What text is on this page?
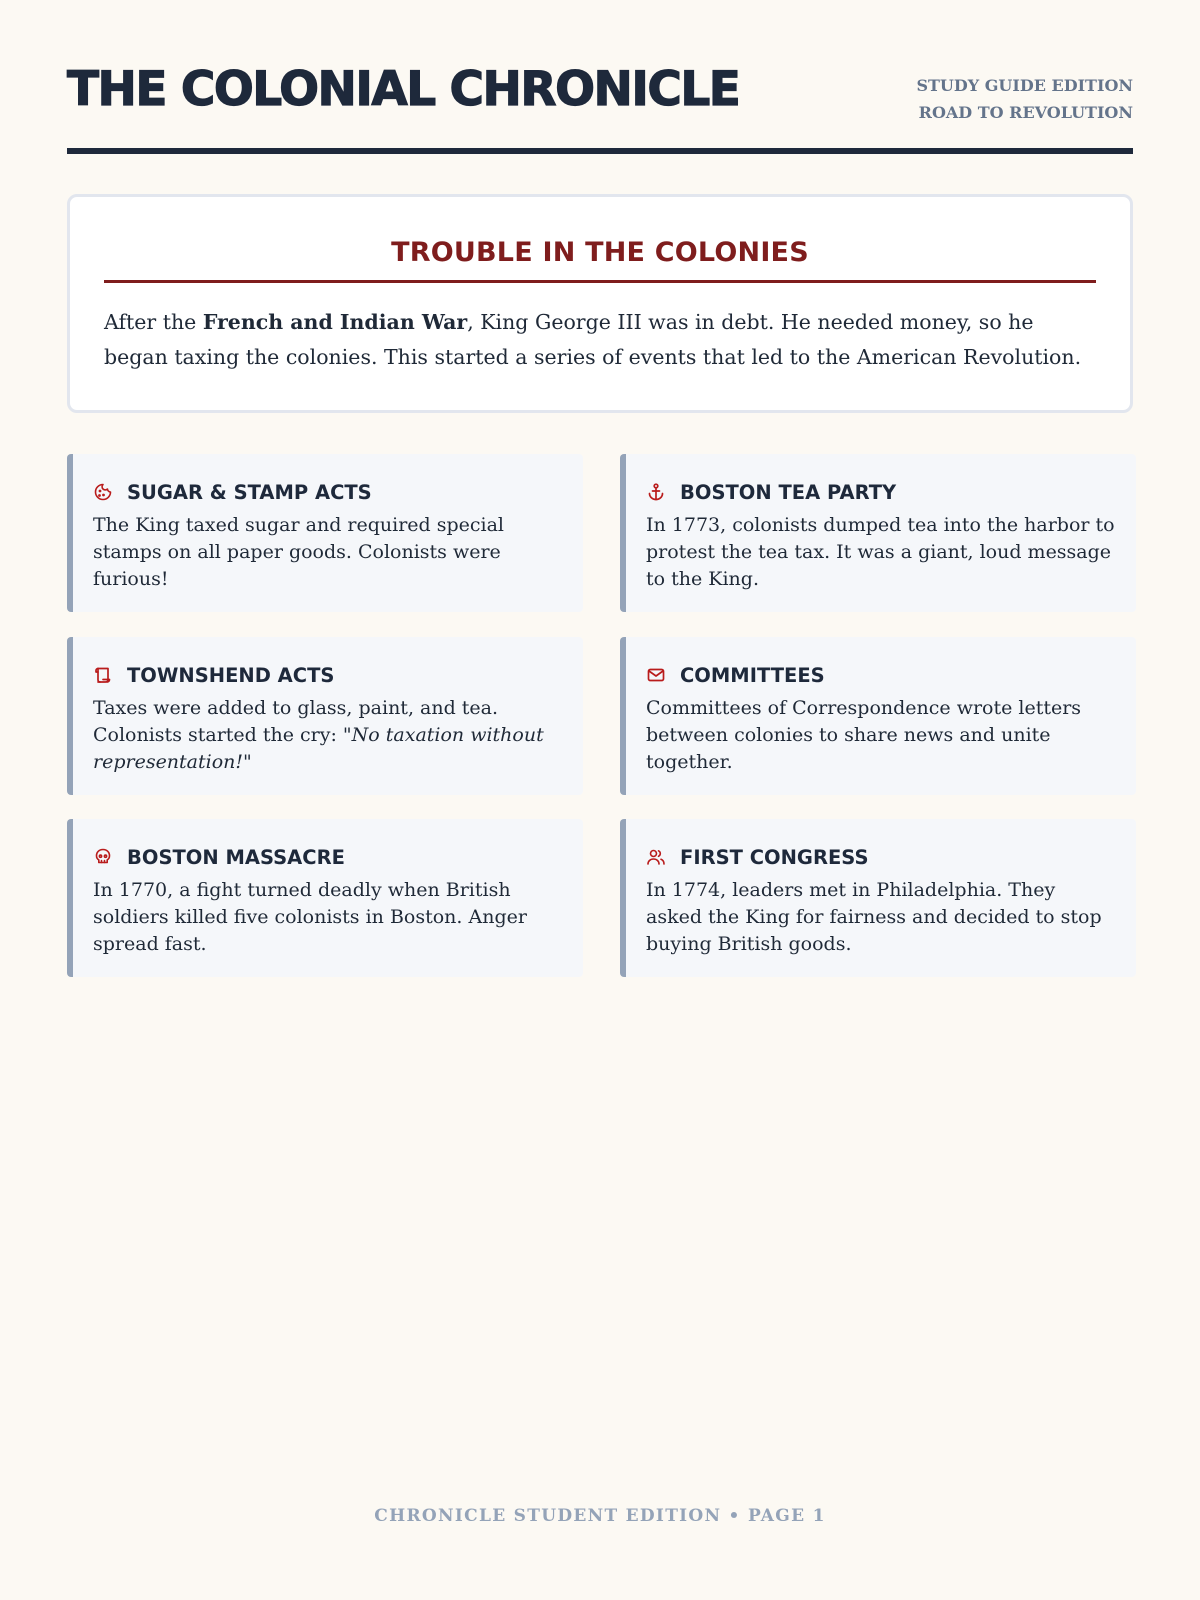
THE COLONIAL CHRONICLE	STUDY GUIDE EDITION
ROAD TO REVOLUTION
TROUBLE IN THE COLONIES

After the French and Indian War, King George III was in debt. He needed money, so he began taxing the colonies. This started a series of events that led to the American Revolution.

SUGAR & STAMP ACTS
The King taxed sugar and required special stamps on all paper goods. Colonists were furious!
BOSTON TEA PARTY
In 1773, colonists dumped tea into the harbor to protest the tea tax. It was a giant, loud message to the King.
TOWNSHEND ACTS
Taxes were added to glass, paint, and tea. Colonists started the cry: "No taxation without representation!"
COMMITTEES
Committees of Correspondence wrote letters between colonies to share news and unite together.
BOSTON MASSACRE
In 1770, a fight turned deadly when British soldiers killed five colonists in Boston. Anger spread fast.
FIRST CONGRESS
In 1774, leaders met in Philadelphia. They asked the King for fairness and decided to stop buying British goods.
CHRONICLE STUDENT EDITION • PAGE 1
